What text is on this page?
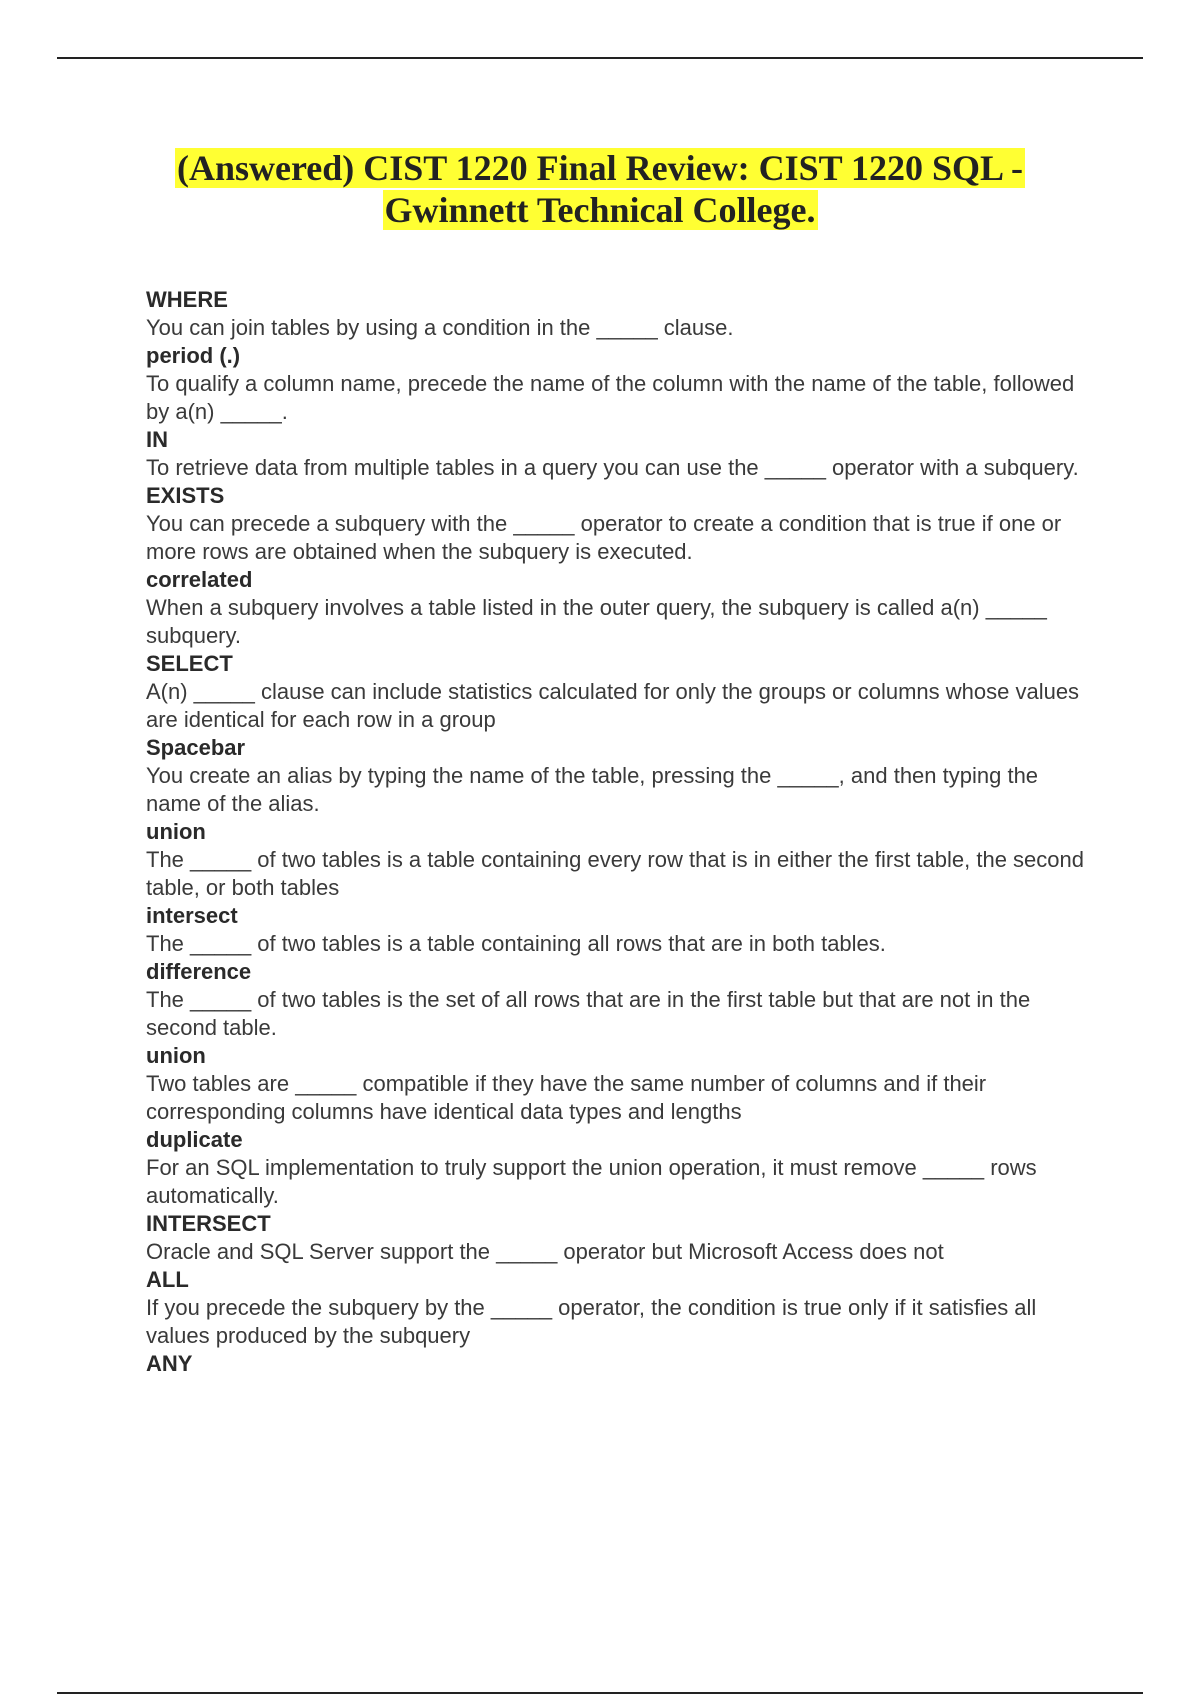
(Answered) CIST 1220 Final Review: CIST 1220 SQL -
Gwinnett Technical College.
WHERE
You can join tables by using a condition in the _____ clause.
period (.)
To qualify a column name, precede the name of the column with the name of the table, followed by a(n) _____.
IN
To retrieve data from multiple tables in a query you can use the _____ operator with a subquery.
EXISTS
You can precede a subquery with the _____ operator to create a condition that is true if one or more rows are obtained when the subquery is executed.
correlated
When a subquery involves a table listed in the outer query, the subquery is called a(n) _____ subquery.
SELECT
A(n) _____ clause can include statistics calculated for only the groups or columns whose values are identical for each row in a group
Spacebar
You create an alias by typing the name of the table, pressing the _____, and then typing the name of the alias.
union
The _____ of two tables is a table containing every row that is in either the first table, the second table, or both tables
intersect
The _____ of two tables is a table containing all rows that are in both tables.
difference
The _____ of two tables is the set of all rows that are in the first table but that are not in the second table.
union
Two tables are _____ compatible if they have the same number of columns and if their corresponding columns have identical data types and lengths
duplicate
For an SQL implementation to truly support the union operation, it must remove _____ rows automatically.
INTERSECT
Oracle and SQL Server support the _____ operator but Microsoft Access does not
ALL
If you precede the subquery by the _____ operator, the condition is true only if it satisfies all values produced by the subquery
ANY
